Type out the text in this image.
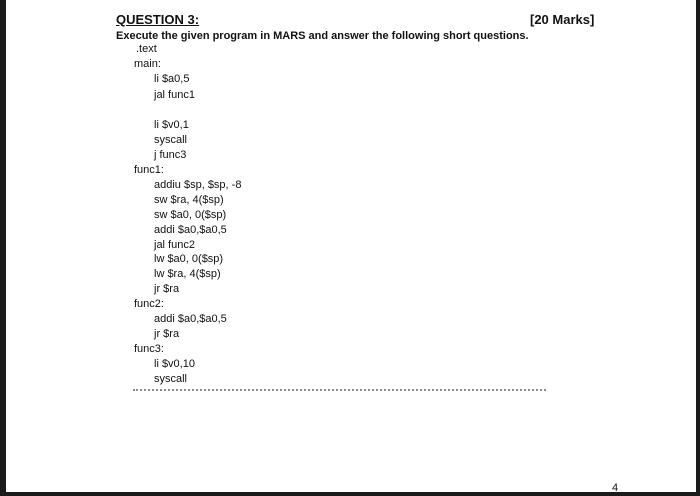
QUESTION 3:	[20 Marks]
Execute the given program in MARS and answer the following short questions.
.text
main:
li $a0,5
jal func1
li $v0,1
syscall
j func3
func1:
addiu $sp, $sp, -8
sw $ra, 4($sp)
sw $a0, 0($sp)
addi $a0,$a0,5
jal func2
lw $a0, 0($sp)
lw $ra, 4($sp)
jr $ra
func2:
addi $a0,$a0,5
jr $ra
func3:
li $v0,10
syscall
4
